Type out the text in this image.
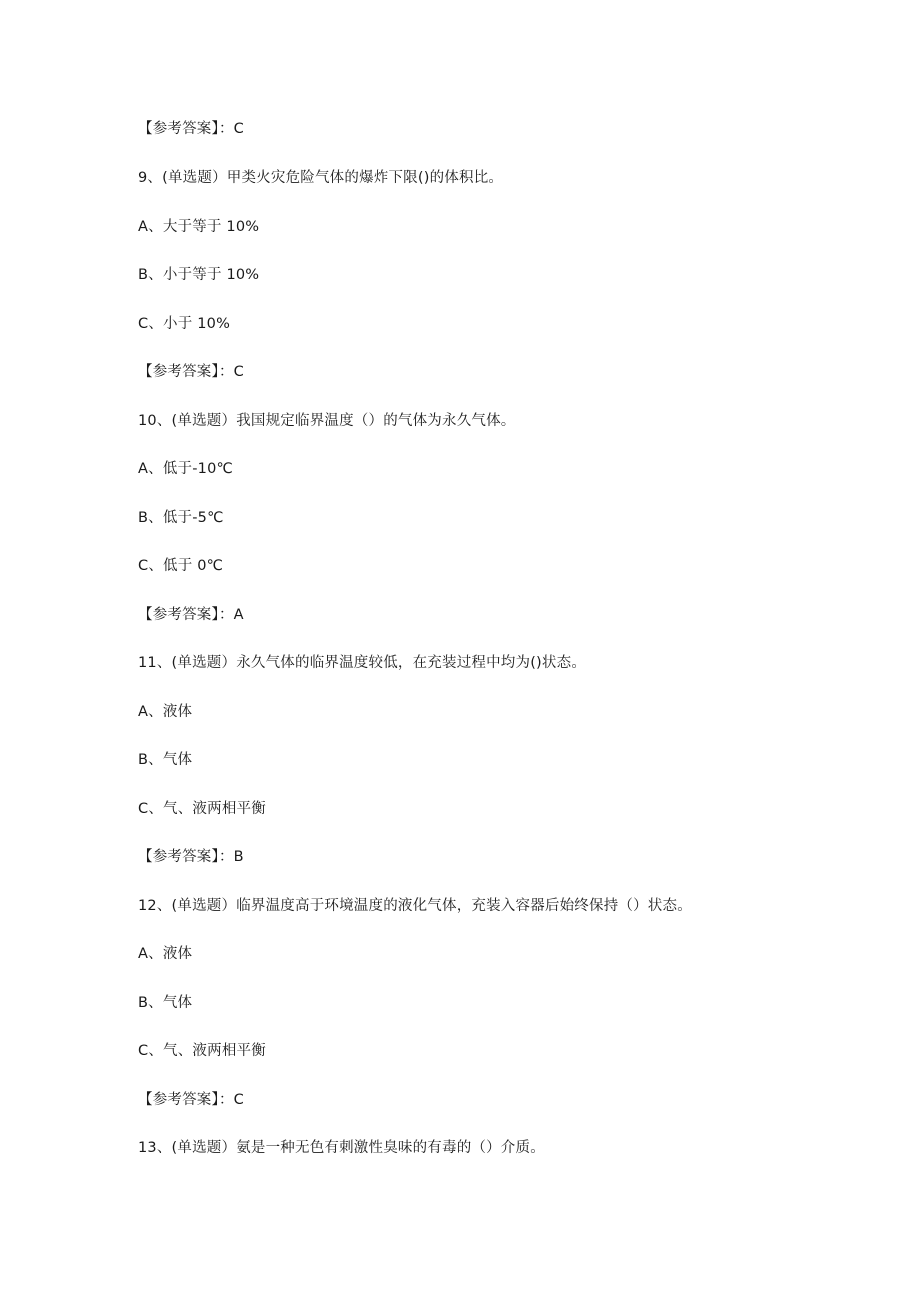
【参考答案】：C
9、(单选题）甲类火灾危险气体的爆炸下限()的体积比。
A、大于等于 10%
B、小于等于 10%
C、小于 10%
【参考答案】：C
10、(单选题）我国规定临界温度（）的气体为永久气体。
A、低于-10℃
B、低于-5℃
C、低于 0℃
【参考答案】：A
11、(单选题）永久气体的临界温度较低，在充装过程中均为()状态。
A、液体
B、气体
C、气、液两相平衡
【参考答案】：B
12、(单选题）临界温度高于环境温度的液化气体，充装入容器后始终保持（）状态。
A、液体
B、气体
C、气、液两相平衡
【参考答案】：C
13、(单选题）氨是一种无色有刺激性臭味的有毒的（）介质。
